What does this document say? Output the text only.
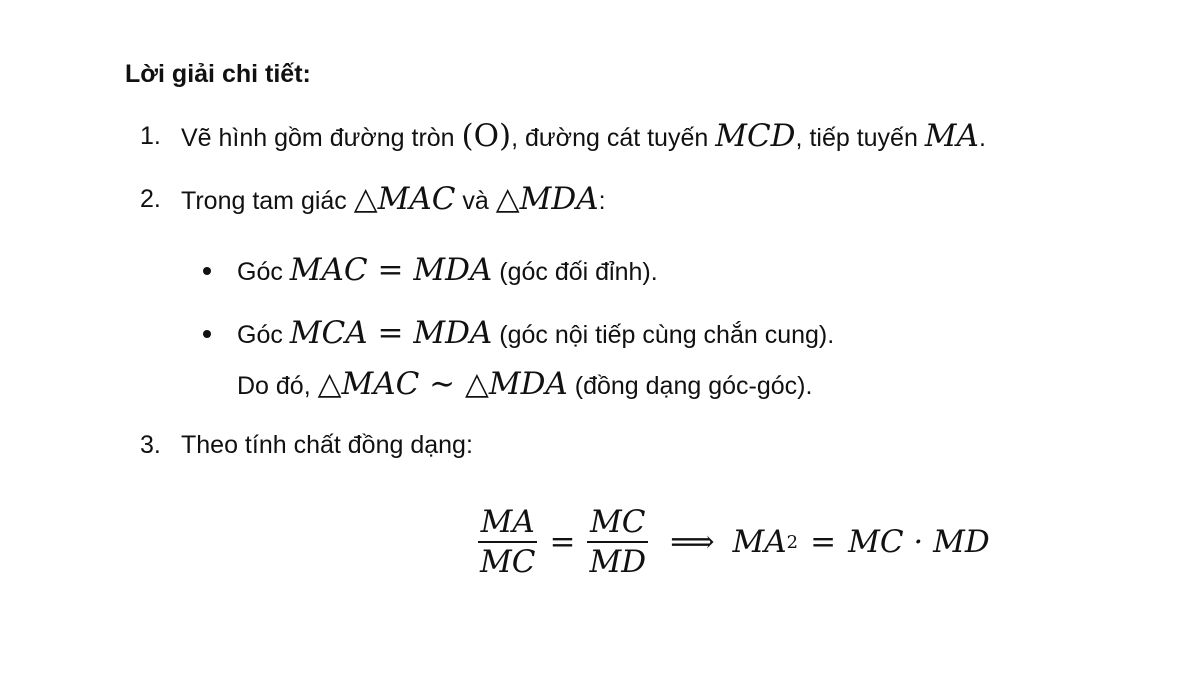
Lời giải chi tiết:
1. Vẽ hình gồm đường tròn (O), đường cát tuyến MCD, tiếp tuyến MA.
2. Trong tam giác △MAC và △MDA:
Góc MAC = MDA (góc đối đỉnh).
Góc MCA = MDA (góc nội tiếp cùng chắn cung).
Do đó, △MAC ∼ △MDA (đồng dạng góc-góc).
3. Theo tính chất đồng dạng:
$\frac{MA}{MC} = \frac{MC}{MD}$ ⟹ MA 2 = MC · MD
